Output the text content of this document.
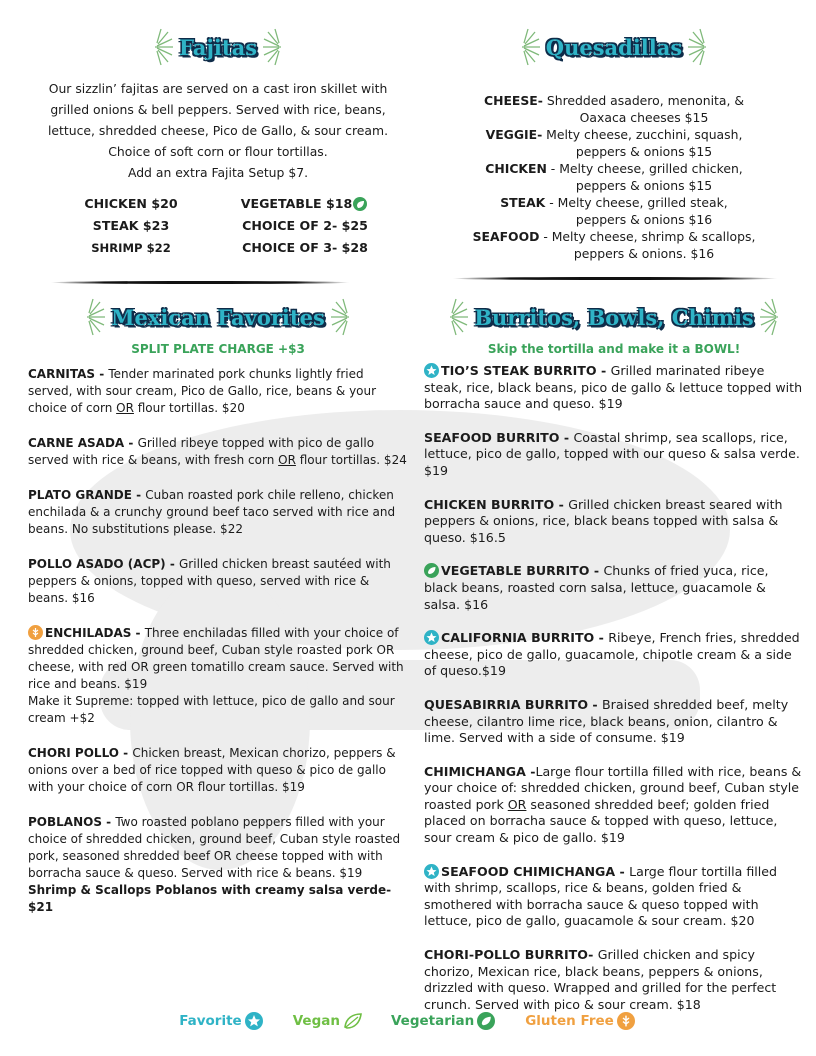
Fajitas
Our sizzlin’ fajitas are served on a cast iron skillet with
grilled onions & bell peppers. Served with rice, beans,
lettuce, shredded cheese, Pico de Gallo, & sour cream.
Choice of soft corn or flour tortillas.
Add an extra Fajita Setup $7.
CHICKEN $20	VEGETABLE $18
STEAK $23	CHOICE OF 2- $25
SHRIMP $22	CHOICE OF 3- $28
Quesadillas
CHEESE- Shredded asadero, menonita, &
Oaxaca cheeses $15
VEGGIE- Melty cheese, zucchini, squash,
peppers & onions $15
CHICKEN - Melty cheese, grilled chicken,
peppers & onions $15
STEAK - Melty cheese, grilled steak,
peppers & onions $16
SEAFOOD - Melty cheese, shrimp & scallops,
peppers & onions. $16
Mexican Favorites
SPLIT PLATE CHARGE +$3
CARNITAS - Tender marinated pork chunks lightly fried served, with sour cream, Pico de Gallo, rice, beans & your choice of corn OR flour tortillas. $20
CARNE ASADA - Grilled ribeye topped with pico de gallo served with rice & beans, with fresh corn OR flour tortillas. $24
PLATO GRANDE - Cuban roasted pork chile relleno, chicken enchilada & a crunchy ground beef taco served with rice and beans. No substitutions please. $22
POLLO ASADO (ACP) - Grilled chicken breast sautéed with peppers & onions, topped with queso, served with rice & beans. $16
ENCHILADAS - Three enchiladas filled with your choice of shredded chicken, ground beef, Cuban style roasted pork OR cheese, with red OR green tomatillo cream sauce. Served with rice and beans. $19
Make it Supreme: topped with lettuce, pico de gallo and sour cream +$2
CHORI POLLO - Chicken breast, Mexican chorizo, peppers & onions over a bed of rice topped with queso & pico de gallo with your choice of corn OR flour tortillas. $19
POBLANOS - Two roasted poblano peppers filled with your choice of shredded chicken, ground beef, Cuban style roasted pork, seasoned shredded beef OR cheese topped with with borracha sauce & queso. Served with rice & beans. $19
Shrimp & Scallops Poblanos with creamy salsa verde- $21
Burritos, Bowls, Chimis
Skip the tortilla and make it a BOWL!
TIO’S STEAK BURRITO - Grilled marinated ribeye steak, rice, black beans, pico de gallo & lettuce topped with borracha sauce and queso. $19
SEAFOOD BURRITO - Coastal shrimp, sea scallops, rice, lettuce, pico de gallo, topped with our queso & salsa verde. $19
CHICKEN BURRITO - Grilled chicken breast seared with peppers & onions, rice, black beans topped with salsa & queso. $16.5
VEGETABLE BURRITO - Chunks of fried yuca, rice, black beans, roasted corn salsa, lettuce, guacamole & salsa. $16
CALIFORNIA BURRITO - Ribeye, French fries, shredded cheese, pico de gallo, guacamole, chipotle cream & a side of queso.$19
QUESABIRRIA BURRITO - Braised shredded beef, melty cheese, cilantro lime rice, black beans, onion, cilantro & lime. Served with a side of consume. $19
CHIMICHANGA -Large flour tortilla filled with rice, beans & your choice of: shredded chicken, ground beef, Cuban style roasted pork OR seasoned shredded beef; golden fried placed on borracha sauce & topped with queso, lettuce, sour cream & pico de gallo. $19
SEAFOOD CHIMICHANGA - Large flour tortilla filled with shrimp, scallops, rice & beans, golden fried & smothered with borracha sauce & queso topped with lettuce, pico de gallo, guacamole & sour cream. $20
CHORI-POLLO BURRITO- Grilled chicken and spicy chorizo, Mexican rice, black beans, peppers & onions, drizzled with queso. Wrapped and grilled for the perfect crunch. Served with pico & sour cream. $18
Favorite	Vegan	Vegetarian	Gluten Free
